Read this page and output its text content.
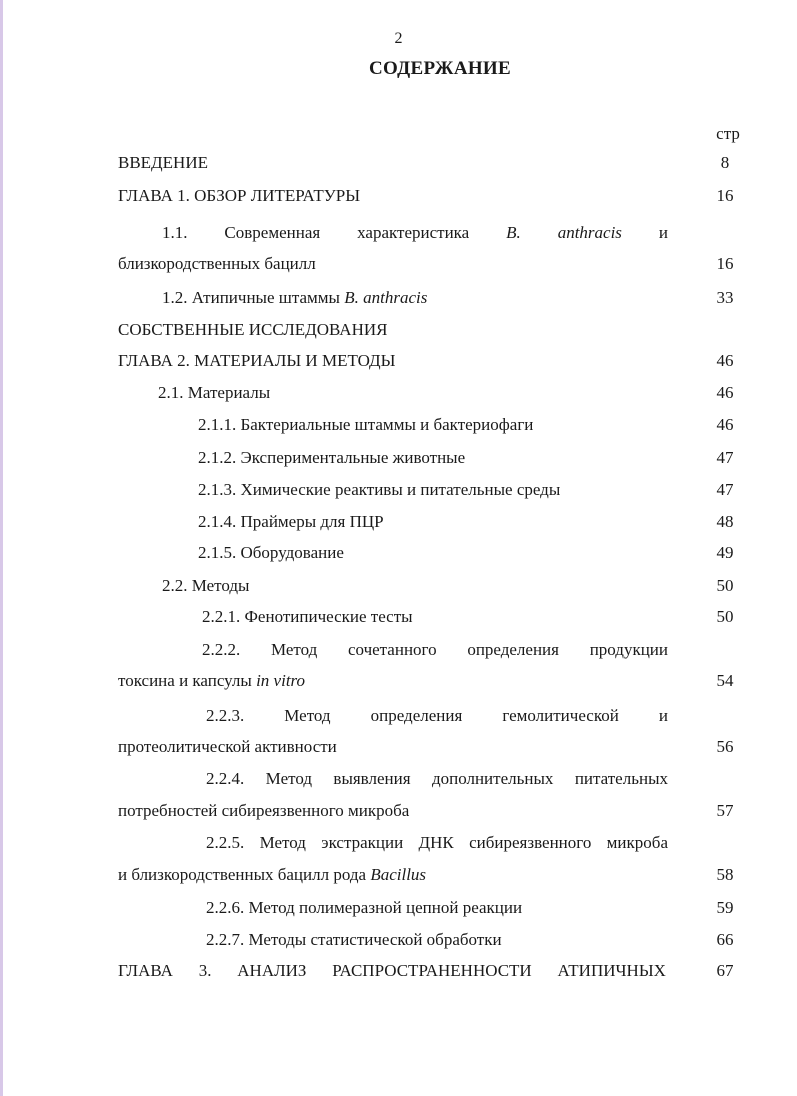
2
СОДЕРЖАНИЕ
стр
ВВЕДЕНИЕ	8
ГЛАВА 1. ОБЗОР ЛИТЕРАТУРЫ	16
1.1. Современная характеристика B. anthracis и
близкородственных бацилл	16
1.2. Атипичные штаммы B. anthracis	33
СОБСТВЕННЫЕ ИССЛЕДОВАНИЯ
ГЛАВА 2. МАТЕРИАЛЫ И МЕТОДЫ	46
2.1. Материалы	46
2.1.1. Бактериальные штаммы и бактериофаги	46
2.1.2. Экспериментальные животные	47
2.1.3. Химические реактивы и питательные среды	47
2.1.4. Праймеры для ПЦР	48
2.1.5. Оборудование	49
2.2. Методы	50
2.2.1. Фенотипические тесты	50
2.2.2. Метод сочетанного определения продукции
токсина и капсулы in vitro	54
2.2.3. Метод определения гемолитической и
протеолитической активности	56
2.2.4. Метод выявления дополнительных питательных
потребностей сибиреязвенного микроба	57
2.2.5. Метод экстракции ДНК сибиреязвенного микроба
и близкородственных бацилл рода Bacillus	58
2.2.6. Метод полимеразной цепной реакции	59
2.2.7. Методы статистической обработки	66
ГЛАВА 3. АНАЛИЗ РАСПРОСТРАНЕННОСТИ АТИПИЧНЫХ	67
